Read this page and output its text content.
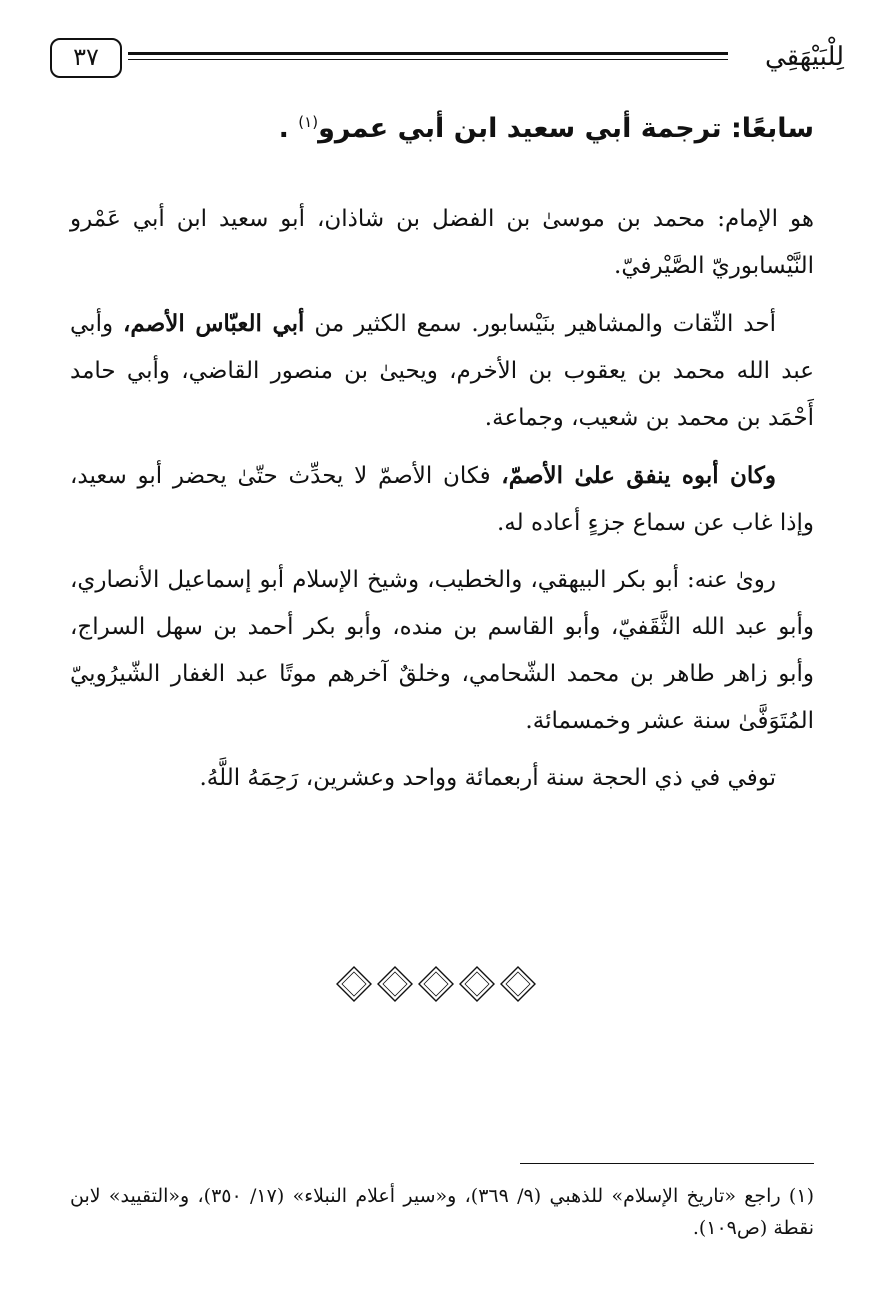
٣٧	لِلْبَيْهَقِي
سابعًا: ترجمة أبي سعيد ابن أبي عمرو$^{(١)}$ .

هو الإمام: محمد بن موسىٰ بن الفضل بن شاذان، أبو سعيد ابن أبي عَمْرو النَّيْسابوريّ الصَّيْرفيّ.

أحد الثّقات والمشاهير بنَيْسابور. سمع الكثير من أبي العبّاس الأصم، وأبي عبد الله محمد بن يعقوب بن الأخرم، ويحيىٰ بن منصور القاضي، وأبي حامد أَحْمَد بن محمد بن شعيب، وجماعة.

وكان أبوه ينفق علىٰ الأصمّ، فكان الأصمّ لا يحدِّث حتّىٰ يحضر أبو سعيد، وإذا غاب عن سماع جزءٍ أعاده له.

رویٰ عنه: أبو بكر البيهقي، والخطيب، وشيخ الإسلام أبو إسماعيل الأنصاري، وأبو عبد الله الثَّقَفيّ، وأبو القاسم بن منده، وأبو بكر أحمد بن سهل السراج، وأبو زاهر طاهر بن محمد الشّحامي، وخلقٌ آخرهم موتًا عبد الغفار الشّيرُوييّ المُتَوَفَّىٰ سنة عشر وخمسمائة.

توفي في ذي الحجة سنة أربعمائة وواحد وعشرين، رَحِمَهُ اللَّهُ.

(١) راجع «تاريخ الإسلام» للذهبي (٩/ ٣٦٩)، و«سير أعلام النبلاء» (١٧/ ٣٥٠)، و«التقييد» لابن نقطة (ص١٠٩).
